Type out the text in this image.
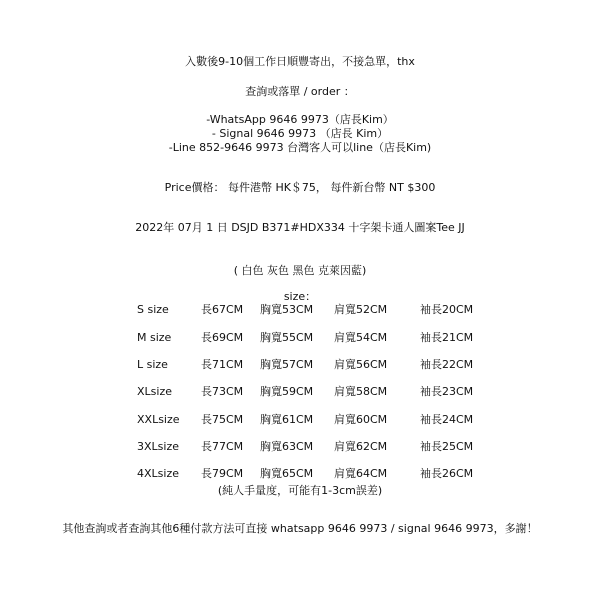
入數後9-10個工作日順豐寄出，不接急單，thx
查詢或落單 / order ：
-WhatsApp 9646 9973（店長Kim）
- Signal 9646 9973 （店長 Kim）
-Line 852-9646 9973 台灣客人可以line（店長Kim)
Price價格： 每件港幣 HK＄75， 每件新台幣 NT $300
2022年 07月 1 日 DSJD B371#HDX334 十字架卡通人圖案Tee JJ
( 白色 灰色 黑色 克萊因藍)
size：
S size	長67CM 胸寬53CM 肩寬52CM	袖長20CM
M size	長69CM 胸寬55CM 肩寬54CM	袖長21CM
L size	長71CM 胸寬57CM 肩寬56CM	袖長22CM
XLsize	長73CM 胸寬59CM 肩寬58CM	袖長23CM
XXLsize 長75CM 胸寬61CM 肩寬60CM	袖長24CM
3XLsize 長77CM 胸寬63CM 肩寬62CM	袖長25CM
4XLsize 長79CM 胸寬65CM 肩寬64CM	袖長26CM
(純人手量度，可能有1-3cm誤差)
其他查詢或者查詢其他6種付款方法可直接 whatsapp 9646 9973 / signal 9646 9973，多謝！
